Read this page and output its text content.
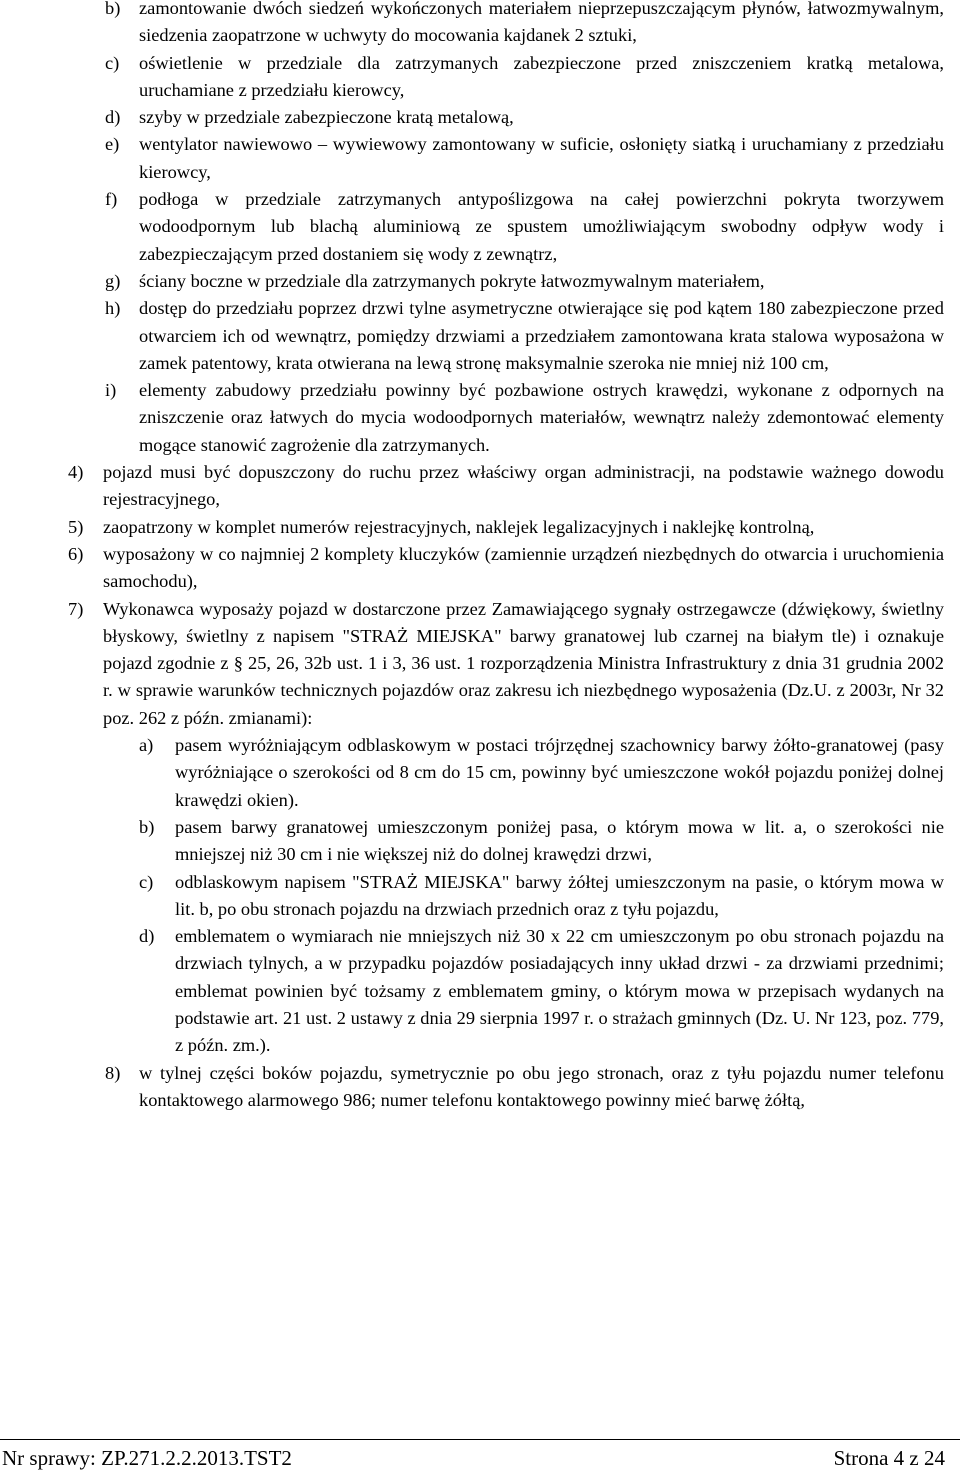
b) zamontowanie dwóch siedzeń wykończonych materiałem nieprzepuszczającym płynów, łatwozmywalnym, siedzenia zaopatrzone w uchwyty do mocowania kajdanek 2 sztuki,
c) oświetlenie w przedziale dla zatrzymanych zabezpieczone przed zniszczeniem kratką metalowa, uruchamiane z przedziału kierowcy,
d) szyby w przedziale zabezpieczone kratą metalową,
e) wentylator nawiewowo – wywiewowy zamontowany w suficie, osłonięty siatką i uruchamiany z przedziału kierowcy,
f) podłoga w przedziale zatrzymanych antypoślizgowa na całej powierzchni pokryta tworzywem wodoodpornym lub blachą aluminiową ze spustem umożliwiającym swobodny odpływ wody i zabezpieczającym przed dostaniem się wody z zewnątrz,
g) ściany boczne w przedziale dla zatrzymanych pokryte łatwozmywalnym materiałem,
h) dostęp do przedziału poprzez drzwi tylne asymetryczne otwierające się pod kątem 180 zabezpieczone przed otwarciem ich od wewnątrz, pomiędzy drzwiami a przedziałem zamontowana krata stalowa wyposażona w zamek patentowy, krata otwierana na lewą stronę maksymalnie szeroka nie mniej niż 100 cm,
i) elementy zabudowy przedziału powinny być pozbawione ostrych krawędzi, wykonane z odpornych na zniszczenie oraz łatwych do mycia wodoodpornych materiałów, wewnątrz należy zdemontować elementy mogące stanowić zagrożenie dla zatrzymanych.
4) pojazd musi być dopuszczony do ruchu przez właściwy organ administracji, na podstawie ważnego dowodu rejestracyjnego,
5) zaopatrzony w komplet numerów rejestracyjnych, naklejek legalizacyjnych i naklejkę kontrolną,
6) wyposażony w co najmniej 2 komplety kluczyków (zamiennie urządzeń niezbędnych do otwarcia i uruchomienia samochodu),
7) Wykonawca wyposaży pojazd w dostarczone przez Zamawiającego sygnały ostrzegawcze (dźwiękowy, świetlny błyskowy, świetlny z napisem "STRAŻ MIEJSKA" barwy granatowej lub czarnej na białym tle) i oznakuje pojazd zgodnie z § 25, 26, 32b ust. 1 i 3, 36 ust. 1 rozporządzenia Ministra Infrastruktury z dnia 31 grudnia 2002 r. w sprawie warunków technicznych pojazdów oraz zakresu ich niezbędnego wyposażenia (Dz.U. z 2003r, Nr 32 poz. 262 z późn. zmianami):
a) pasem wyróżniającym odblaskowym w postaci trójrzędnej szachownicy barwy żółto-granatowej (pasy wyróżniające o szerokości od 8 cm do 15 cm, powinny być umieszczone wokół pojazdu poniżej dolnej krawędzi okien).
b) pasem barwy granatowej umieszczonym poniżej pasa, o którym mowa w lit. a, o szerokości nie mniejszej niż 30 cm i nie większej niż do dolnej krawędzi drzwi,
c) odblaskowym napisem "STRAŻ MIEJSKA" barwy żółtej umieszczonym na pasie, o którym mowa w lit. b, po obu stronach pojazdu na drzwiach przednich oraz z tyłu pojazdu,
d) emblematem o wymiarach nie mniejszych niż 30 x 22 cm umieszczonym po obu stronach pojazdu na drzwiach tylnych, a w przypadku pojazdów posiadających inny układ drzwi - za drzwiami przednimi; emblemat powinien być tożsamy z emblematem gminy, o którym mowa w przepisach wydanych na podstawie art. 21 ust. 2 ustawy z dnia 29 sierpnia 1997 r. o strażach gminnych (Dz. U. Nr 123, poz. 779, z późn. zm.).
8) w tylnej części boków pojazdu, symetrycznie po obu jego stronach, oraz z tyłu pojazdu numer telefonu kontaktowego alarmowego 986; numer telefonu kontaktowego powinny mieć barwę żółtą,
Nr sprawy: ZP.271.2.2.2013.TST2	Strona 4 z 24
